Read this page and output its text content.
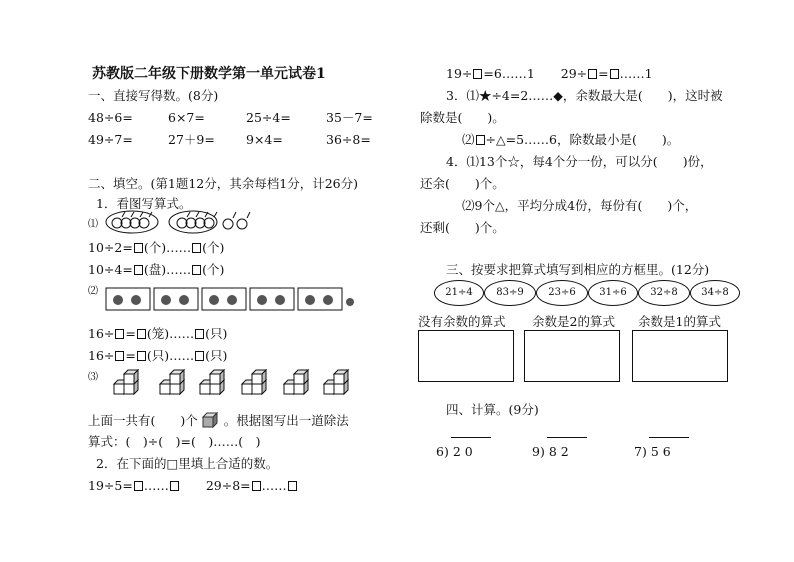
苏教版二年级下册数学第一单元试卷1
一、直接写得数。(8分)
48÷6=	6×7=	25÷4=	35－7=
49÷7=	27＋9=	9×4=	36÷8=
二、填空。(第1题12分，其余每档1分，计26分)
1．看图写算式。
⑴
10÷2= (个)…… (个)
10÷4= (盘)…… (个)
⑵
16÷ = (笼)…… (只)
16÷ = (只)…… (只)
⑶
上面一共有(　　)个 。根据图写出一道除法
算式：(　)÷(　)=(　)……(　)
2．在下面的□里填上合适的数。
19÷5= ……	29÷8= ……
19÷ =6……1 29÷ = ……1
3．⑴★÷4=2……◆，余数最大是(　　)，这时被
除数是(　　)。
⑵ ÷△=5……6，除数最小是(　　)。
4．⑴13个☆，每4个分一份，可以分(　　)份，
还余(　　)个。
⑵9个△，平均分成4份，每份有(　　)个，
还剩(　　)个。
三、按要求把算式填写到相应的方框里。(12分)
21÷4	83÷9	23÷6	31÷6	32÷8	34÷8
没有余数的算式 余数是2的算式 余数是1的算式
四、计算。(9分)
6) 2 0	9) 8 2	7) 5 6
